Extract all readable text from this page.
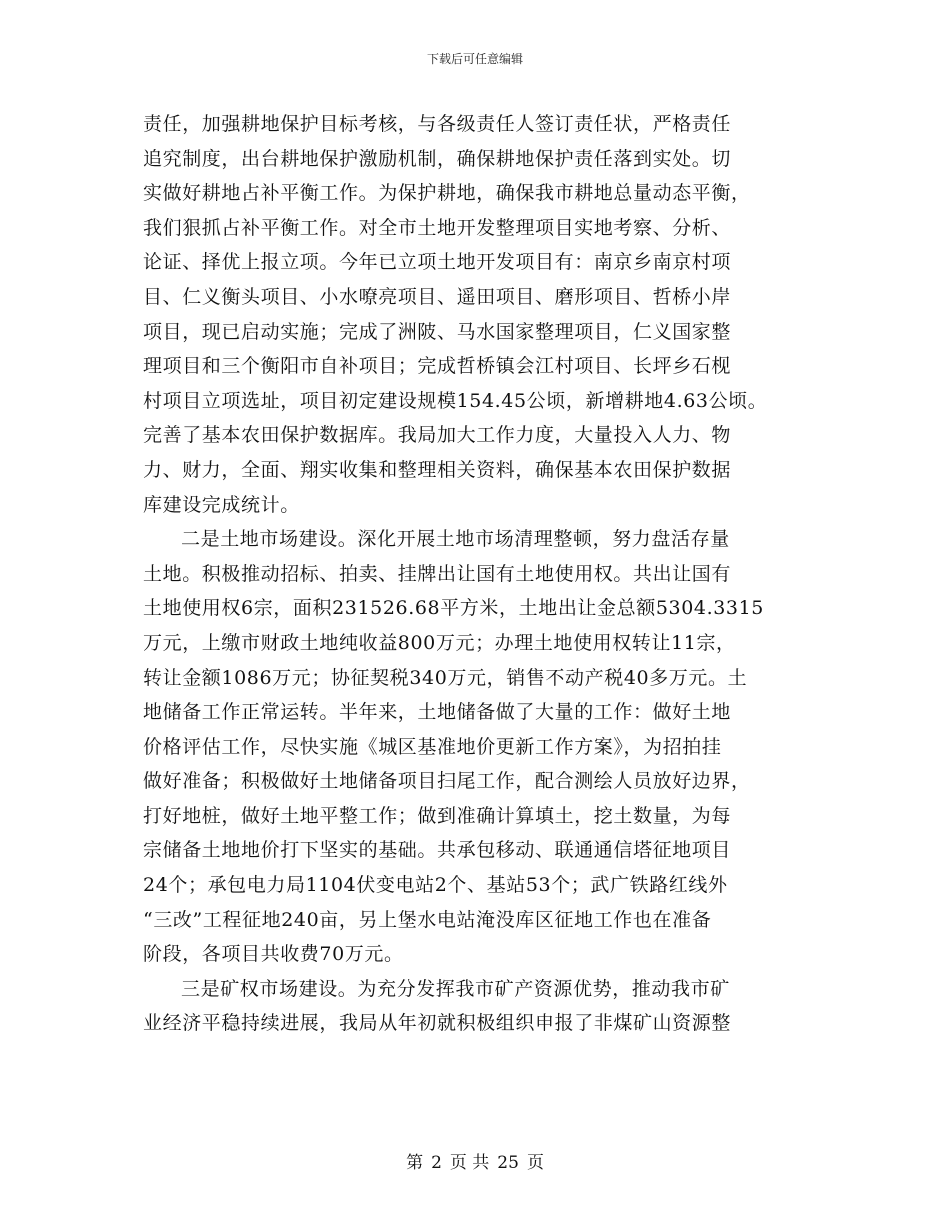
下载后可任意编辑
责任，加强耕地保护目标考核，与各级责任人签订责任状，严格责任
追究制度，出台耕地保护激励机制，确保耕地保护责任落到实处。切
实做好耕地占补平衡工作。为保护耕地，确保我市耕地总量动态平衡，
我们狠抓占补平衡工作。对全市土地开发整理项目实地考察、分析、
论证、择优上报立项。今年已立项土地开发项目有：南京乡南京村项
目、仁义衡头项目、小水嘹亮项目、遥田项目、磨形项目、哲桥小岸
项目，现已启动实施；完成了洲陂、马水国家整理项目，仁义国家整
理项目和三个衡阳市自补项目；完成哲桥镇会江村项目、长坪乡石枧
村项目立项选址，项目初定建设规模154.45公顷，新增耕地4.63公顷。
完善了基本农田保护数据库。我局加大工作力度，大量投入人力、物
力、财力，全面、翔实收集和整理相关资料，确保基本农田保护数据
库建设完成统计。
二是土地市场建设。深化开展土地市场清理整顿，努力盘活存量
土地。积极推动招标、拍卖、挂牌出让国有土地使用权。共出让国有
土地使用权6宗，面积231526.68平方米，土地出让金总额5304.3315
万元，上缴市财政土地纯收益800万元；办理土地使用权转让11宗，
转让金额1086万元；协征契税340万元，销售不动产税40多万元。土
地储备工作正常运转。半年来，土地储备做了大量的工作：做好土地
价格评估工作，尽快实施《城区基准地价更新工作方案》，为招拍挂
做好准备；积极做好土地储备项目扫尾工作，配合测绘人员放好边界，
打好地桩，做好土地平整工作；做到准确计算填土，挖土数量，为每
宗储备土地地价打下坚实的基础。共承包移动、联通通信塔征地项目
24个；承包电力局1104伏变电站2个、基站53个；武广铁路红线外
“三改”工程征地240亩，另上堡水电站淹没库区征地工作也在准备
阶段，各项目共收费70万元。
三是矿权市场建设。为充分发挥我市矿产资源优势，推动我市矿
业经济平稳持续进展，我局从年初就积极组织申报了非煤矿山资源整
第 2 页 共 25 页
